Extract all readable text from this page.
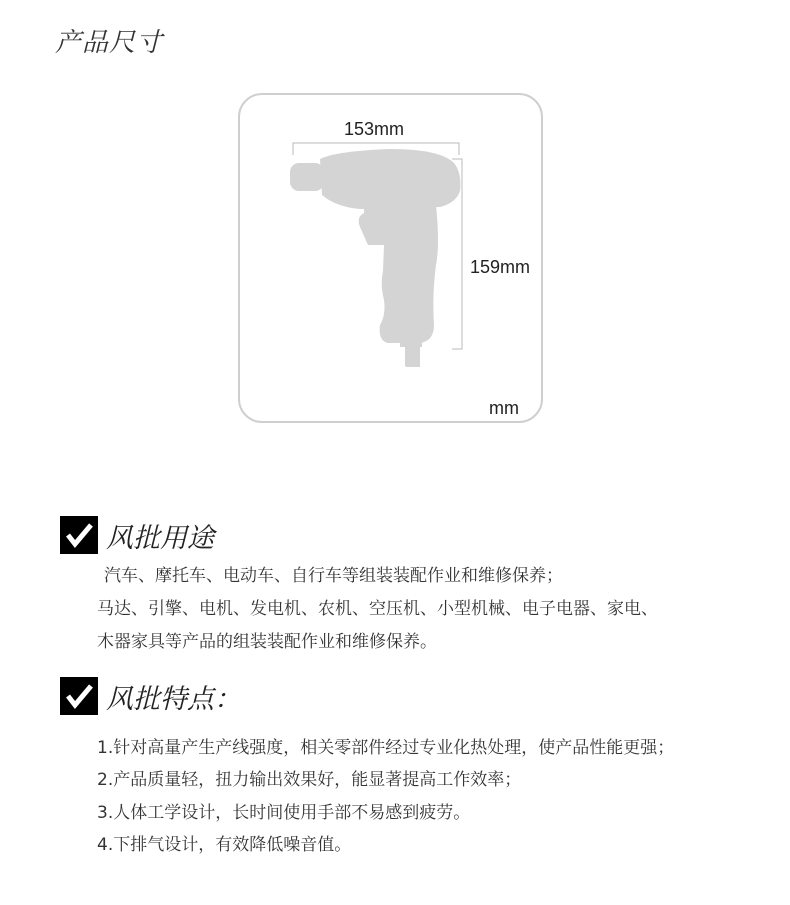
产品尺寸
153mm
159mm
mm
风批用途
汽车、摩托车、电动车、自行车等组装装配作业和维修保养；
马达、引擎、电机、发电机、农机、空压机、小型机械、电子电器、家电、
木器家具等产品的组装装配作业和维修保养。
风批特点：
1.针对高量产生产线强度，相关零部件经过专业化热处理，使产品性能更强；
2.产品质量轻，扭力输出效果好，能显著提高工作效率；
3.人体工学设计，长时间使用手部不易感到疲劳。
4.下排气设计，有效降低噪音值。
